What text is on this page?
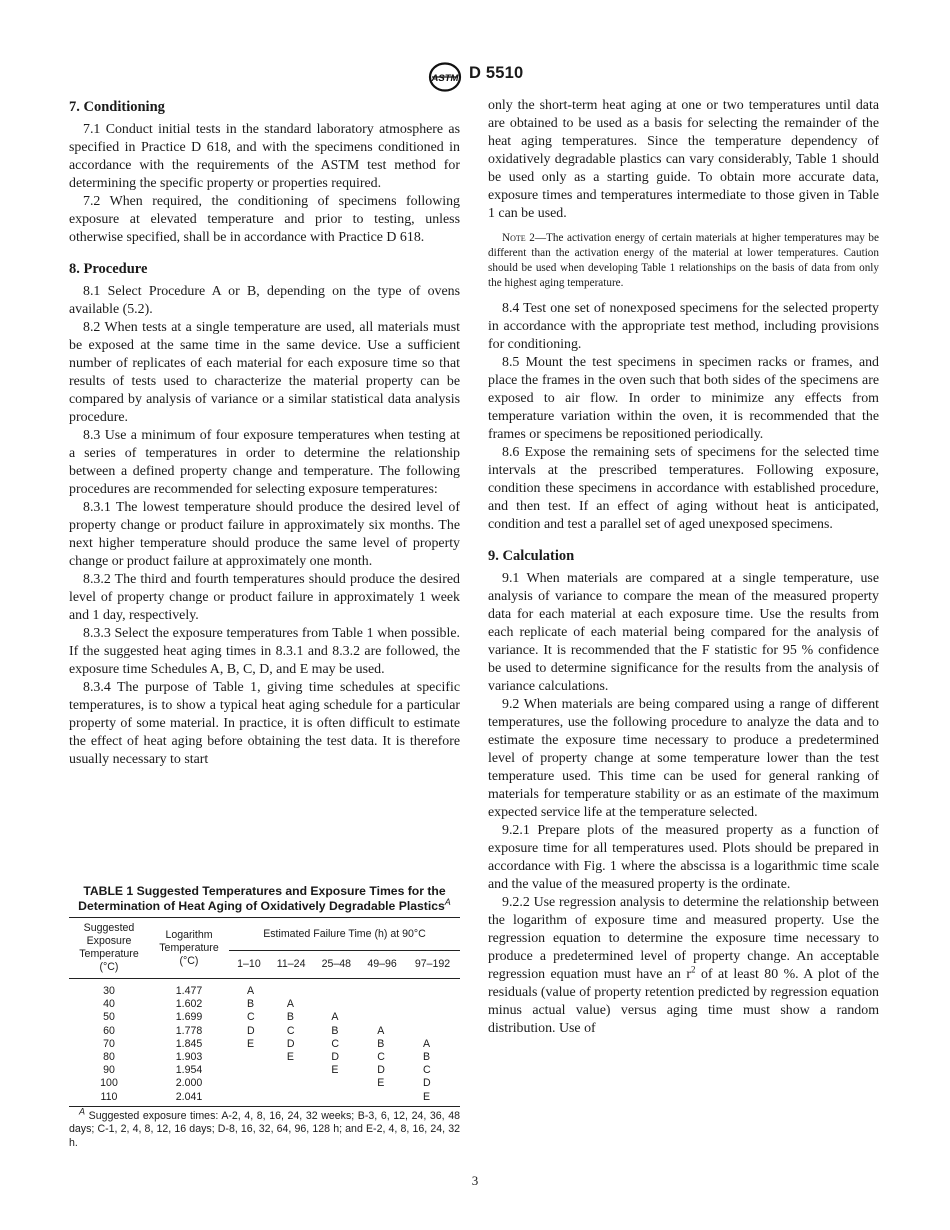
ASTM D 5510
7. Conditioning

7.1 Conduct initial tests in the standard laboratory atmosphere as specified in Practice D 618, and with the specimens conditioned in accordance with the requirements of the ASTM test method for determining the specific property or properties required.

7.2 When required, the conditioning of specimens following exposure at elevated temperature and prior to testing, unless otherwise specified, shall be in accordance with Practice D 618.

8. Procedure

8.1 Select Procedure A or B, depending on the type of ovens available (5.2).

8.2 When tests at a single temperature are used, all materials must be exposed at the same time in the same device. Use a sufficient number of replicates of each material for each exposure time so that results of tests used to characterize the material property can be compared by analysis of variance or a similar statistical data analysis procedure.

8.3 Use a minimum of four exposure temperatures when testing at a series of temperatures in order to determine the relationship between a defined property change and temperature. The following procedures are recommended for selecting exposure temperatures:

8.3.1 The lowest temperature should produce the desired level of property change or product failure in approximately six months. The next higher temperature should produce the same level of property change or product failure at approximately one month.

8.3.2 The third and fourth temperatures should produce the desired level of property change or product failure in approximately 1 week and 1 day, respectively.

8.3.3 Select the exposure temperatures from Table 1 when possible. If the suggested heat aging times in 8.3.1 and 8.3.2 are followed, the exposure time Schedules A, B, C, D, and E may be used.

8.3.4 The purpose of Table 1, giving time schedules at specific temperatures, is to show a typical heat aging schedule for a particular property of some material. In practice, it is often difficult to estimate the effect of heat aging before obtaining the test data. It is therefore usually necessary to start

TABLE 1 Suggested Temperatures and Exposure Times for the Determination of Heat Aging of Oxidatively Degradable Plastics$^A$
Suggested Exposure Temperature (°C)	Logarithm Temperature (°C)	Estimated Failure Time (h) at 90°C				
		1–10	11–24	25–48	49–96	97–192
30	1.477	A				
40	1.602	B	A			
50	1.699	C	B	A		
60	1.778	D	C	B	A	
70	1.845	E	D	C	B	A
80	1.903		E	D	C	B
90	1.954			E	D	C
100	2.000				E	D
110	2.041					E
$^A$ Suggested exposure times: A-2, 4, 8, 16, 24, 32 weeks; B-3, 6, 12, 24, 36, 48 days; C-1, 2, 4, 8, 12, 16 days; D-8, 16, 32, 64, 96, 128 h; and E-2, 4, 8, 16, 24, 32 h.

only the short-term heat aging at one or two temperatures until data are obtained to be used as a basis for selecting the remainder of the heat aging temperatures. Since the temperature dependency of oxidatively degradable plastics can vary considerably, Table 1 should be used only as a starting guide. To obtain more accurate data, exposure times and temperatures intermediate to those given in Table 1 can be used.

Note 2—The activation energy of certain materials at higher temperatures may be different than the activation energy of the material at lower temperatures. Caution should be used when developing Table 1 relationships on the basis of data from only the highest aging temperature.

8.4 Test one set of nonexposed specimens for the selected property in accordance with the appropriate test method, including provisions for conditioning.

8.5 Mount the test specimens in specimen racks or frames, and place the frames in the oven such that both sides of the specimens are exposed to air flow. In order to minimize any effects from temperature variation within the oven, it is recommended that the frames or specimens be repositioned periodically.

8.6 Expose the remaining sets of specimens for the selected time intervals at the prescribed temperatures. Following exposure, condition these specimens in accordance with established procedure, and then test. If an effect of aging without heat is anticipated, condition and test a parallel set of aged unexposed specimens.

9. Calculation

9.1 When materials are compared at a single temperature, use analysis of variance to compare the mean of the measured property data for each material at each exposure time. Use the results from each replicate of each material being compared for the analysis of variance. It is recommended that the F statistic for 95 % confidence be used to determine significance for the results from the analysis of variance calculations.

9.2 When materials are being compared using a range of different temperatures, use the following procedure to analyze the data and to estimate the exposure time necessary to produce a predetermined level of property change at some temperature lower than the test temperature used. This time can be used for general ranking of materials for temperature stability or as an estimate of the maximum expected service life at the temperature selected.

9.2.1 Prepare plots of the measured property as a function of exposure time for all temperatures used. Plots should be prepared in accordance with Fig. 1 where the abscissa is a logarithmic time scale and the value of the measured property is the ordinate.

9.2.2 Use regression analysis to determine the relationship between the logarithm of exposure time and measured property. Use the regression equation to determine the exposure time necessary to produce a predetermined level of property change. An acceptable regression equation must have an $r^2$ of at least 80 %. A plot of the residuals (value of property retention predicted by regression equation minus actual value) versus aging time must show a random distribution. Use of

3
